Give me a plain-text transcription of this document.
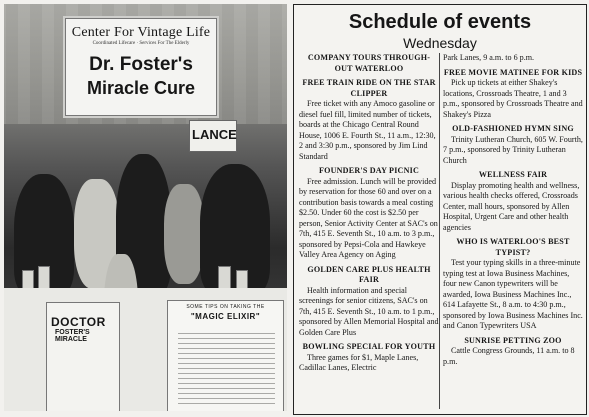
Center For Vintage Life
Coordinated Lifecare · Services For The Elderly
Dr. Foster's
Miracle Cure
LANCE
DOCTOR
FOSTER'S MIRACLE
SOME TIPS ON TAKING THE
"MAGIC ELIXIR"
Schedule of events
Wednesday
COMPANY TOURS THROUGH-OUT WATERLOO
FREE TRAIN RIDE ON THE STAR CLIPPER
Free ticket with any Amoco gasoline or diesel fuel fill, limited number of tickets, boards at the Chicago Central Round House, 1006 E. Fourth St., 11 a.m., 12:30, 2 and 3:30 p.m., sponsored by Jim Lind Standard
FOUNDER'S DAY PICNIC
Free admission. Lunch will be provided by reservation for those 60 and over on a contribution basis towards a meal costing $2.50. Under 60 the cost is $2.50 per person, Senior Activity Center at SAC's on 7th, 415 E. Seventh St., 10 a.m. to 3 p.m., sponsored by Pepsi-Cola and Hawkeye Valley Area Agency on Aging
GOLDEN CARE PLUS HEALTH FAIR
Health information and special screenings for senior citizens, SAC's on 7th, 415 E. Seventh St., 10 a.m. to 1 p.m., sponsored by Allen Memorial Hospital and Golden Care Plus
BOWLING SPECIAL FOR YOUTH
Three games for $1, Maple Lanes, Cadillac Lanes, Electric
Park Lanes, 9 a.m. to 6 p.m.
FREE MOVIE MATINEE FOR KIDS
Pick up tickets at either Shakey's locations, Crossroads Theatre, 1 and 3 p.m., sponsored by Crossroads Theatre and Shakey's Pizza
OLD-FASHIONED HYMN SING
Trinity Lutheran Church, 605 W. Fourth, 7 p.m., sponsored by Trinity Lutheran Church
WELLNESS FAIR
Display promoting health and wellness, various health checks offered, Crossroads Center, mall hours, sponsored by Allen Hospital, Urgent Care and other health agencies
WHO IS WATERLOO'S BEST TYPIST?
Test your typing skills in a three-minute typing test at Iowa Business Machines, four new Canon typewriters will be awarded, Iowa Business Machines Inc., 614 Lafayette St., 8 a.m. to 4:30 p.m., sponsored by Iowa Business Machines Inc. and Canon Typewriters USA
SUNRISE PETTING ZOO
Cattle Congress Grounds, 11 a.m. to 8 p.m.
